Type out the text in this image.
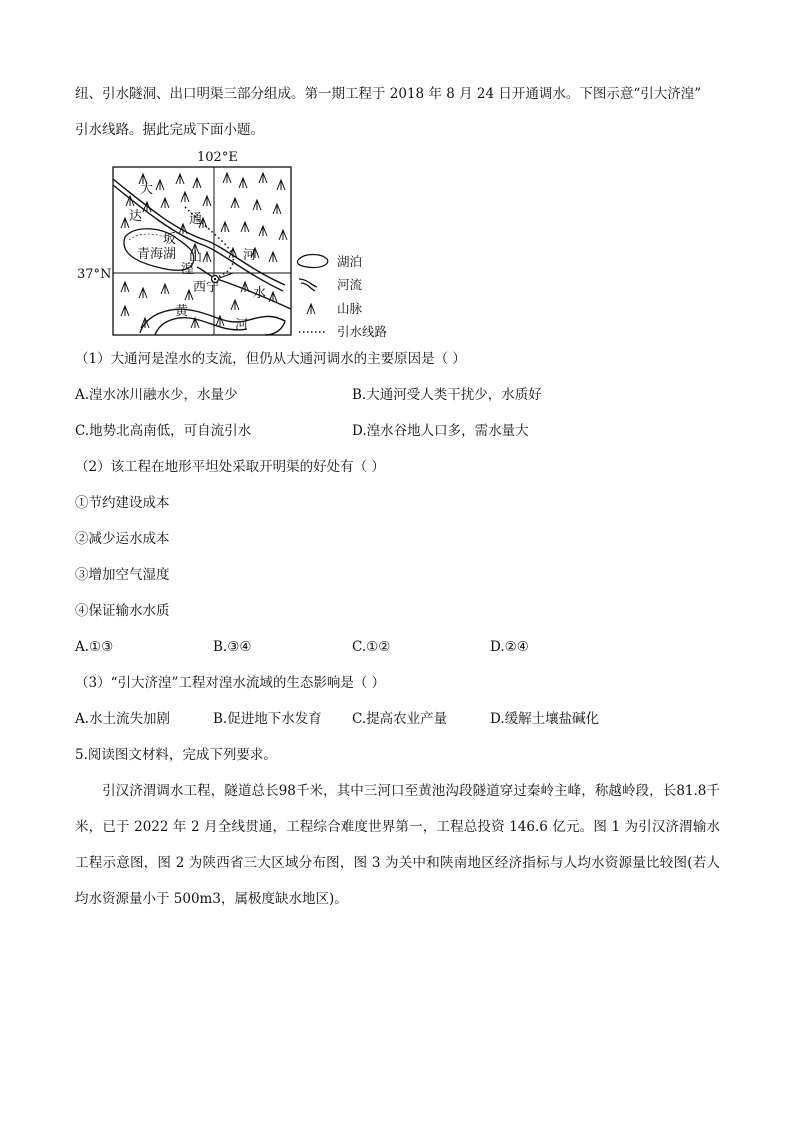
纽、引水隧洞、出口明渠三部分组成。第一期工程于 2018 年 8 月 24 日开通调水。下图示意“引大济湟”
引水线路。据此完成下面小题。
102°E
37°N
大
通
河
达
坂
山
青海湖
湟
西宁	水
黄
河
湖泊
河流
山脉
引水线路
（1）大通河是湟水的支流，但仍从大通河调水的主要原因是（ ）
A.湟水冰川融水少，水量少	B.大通河受人类干扰少，水质好
C.地势北高南低，可自流引水	D.湟水谷地人口多，需水量大
（2）该工程在地形平坦处采取开明渠的好处有（ ）
①节约建设成本
②减少运水成本
③增加空气湿度
④保证输水水质
A.①③	B.③④	C.①②	D.②④
（3）“引大济湟”工程对湟水流域的生态影响是（ ）
A.水土流失加剧	B.促进地下水发育 C.提高农业产量	D.缓解土壤盐碱化
5.阅读图文材料，完成下列要求。
引汉济渭调水工程，隧道总长98千米，其中三河口至黄池沟段隧道穿过秦岭主峰，称越岭段，长81.8千米，已于 2022 年 2 月全线贯通，工程综合难度世界第一，工程总投资 146.6 亿元。图 1 为引汉济渭输水工程示意图，图 2 为陕西省三大区域分布图，图 3 为关中和陕南地区经济指标与人均水资源量比较图(若人均水资源量小于 500m3，属极度缺水地区)。
